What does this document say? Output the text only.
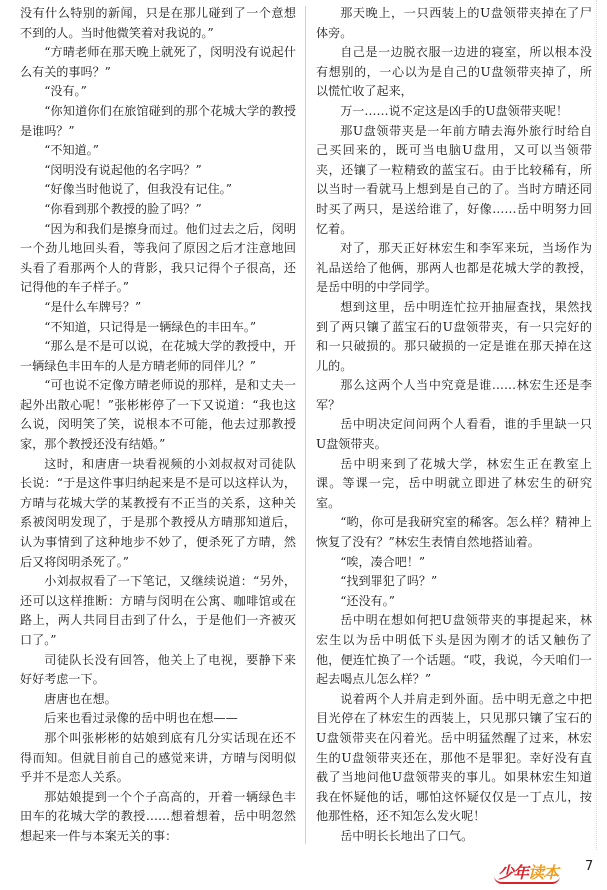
没有什么特别的新闻，只是在那儿碰到了一个意想不到的人。当时他微笑着对我说的。”

“方晴老师在那天晚上就死了，闵明没有说起什么有关的事吗？”

“没有。”

“你知道你们在旅馆碰到的那个花城大学的教授是谁吗？”

“不知道。”

“闵明没有说起他的名字吗？”

“好像当时他说了，但我没有记住。”

“你看到那个教授的脸了吗？”

“因为和我们是擦身而过。他们过去之后，闵明一个劲儿地回头看，等我问了原因之后才注意地回头看了看那两个人的背影，我只记得个子很高，还记得他的车子样子。”

“是什么车牌号？”

“不知道，只记得是一辆绿色的丰田车。”

“那么是不是可以说，在花城大学的教授中，开一辆绿色丰田车的人是方晴老师的同伴儿？”

“可也说不定像方晴老师说的那样，是和丈夫一起外出散心呢！”张彬彬停了一下又说道：“我也这么说，闵明笑了笑，说根本不可能，他去过那教授家，那个教授还没有结婚。”

这时，和唐唐一块看视频的小刘叔叔对司徒队长说：“于是这件事归纳起来是不是可以这样认为，方晴与花城大学的某教授有不正当的关系，这种关系被闵明发现了，于是那个教授从方晴那知道后，认为事情到了这种地步不妙了，便杀死了方晴，然后又将闵明杀死了。”

小刘叔叔看了一下笔记，又继续说道：“另外，还可以这样推断：方晴与闵明在公寓、咖啡馆或在路上，两人共同目击到了什么，于是他们一齐被灭口了。”

司徒队长没有回答，他关上了电视，要静下来好好考虑一下。

唐唐也在想。

后来也看过录像的岳中明也在想——

那个叫张彬彬的姑娘到底有几分实话现在还不得而知。但就目前自己的感觉来讲，方晴与闵明似乎并不是恋人关系。

那姑娘提到一个个子高高的，开着一辆绿色丰田车的花城大学的教授……想着想着，岳中明忽然想起来一件与本案无关的事：

那天晚上，一只西装上的U盘领带夹掉在了尸体旁。

自己是一边脱衣服一边进的寝室，所以根本没有想别的，一心以为是自己的U盘领带夹掉了，所以慌忙收了起来，

万一……说不定这是凶手的U盘领带夹呢！

那U盘领带夹是一年前方晴去海外旅行时给自己买回来的，既可当电脑U盘用，又可以当领带夹，还镶了一粒精致的蓝宝石。由于比较稀有，所以当时一看就马上想到是自己的了。当时方晴还同时买了两只，是送给谁了，好像……岳中明努力回忆着。

对了，那天正好林宏生和李军来玩，当场作为礼品送给了他俩，那两人也都是花城大学的教授，是岳中明的中学同学。

想到这里，岳中明连忙拉开抽屉查找，果然找到了两只镶了蓝宝石的U盘领带夹，有一只完好的和一只破损的。那只破损的一定是谁在那天掉在这儿的。

那么这两个人当中究竟是谁……林宏生还是李军？

岳中明决定问问两个人看看，谁的手里缺一只U盘领带夹。

岳中明来到了花城大学，林宏生正在教室上课。等课一完，岳中明就立即进了林宏生的研究室。

“哟，你可是我研究室的稀客。怎么样？精神上恢复了没有？”林宏生表情自然地搭讪着。

“唉，凑合吧！”

“找到罪犯了吗？”

“还没有。”

岳中明在想如何把U盘领带夹的事提起来，林宏生以为岳中明低下头是因为刚才的话又触伤了他，便连忙换了一个话题。“哎，我说，今天咱们一起去喝点儿怎么样？”

说着两个人并肩走到外面。岳中明无意之中把目光停在了林宏生的西装上，只见那只镶了宝石的U盘领带夹在闪着光。岳中明猛然醒了过来，林宏生的U盘领带夹还在，那他不是罪犯。幸好没有直截了当地问他U盘领带夹的事儿。如果林宏生知道我在怀疑他的话，哪怕这怀疑仅仅是一丁点儿，按他那性格，还不知怎么发火呢！

岳中明长长地出了口气。

少年读本 7
